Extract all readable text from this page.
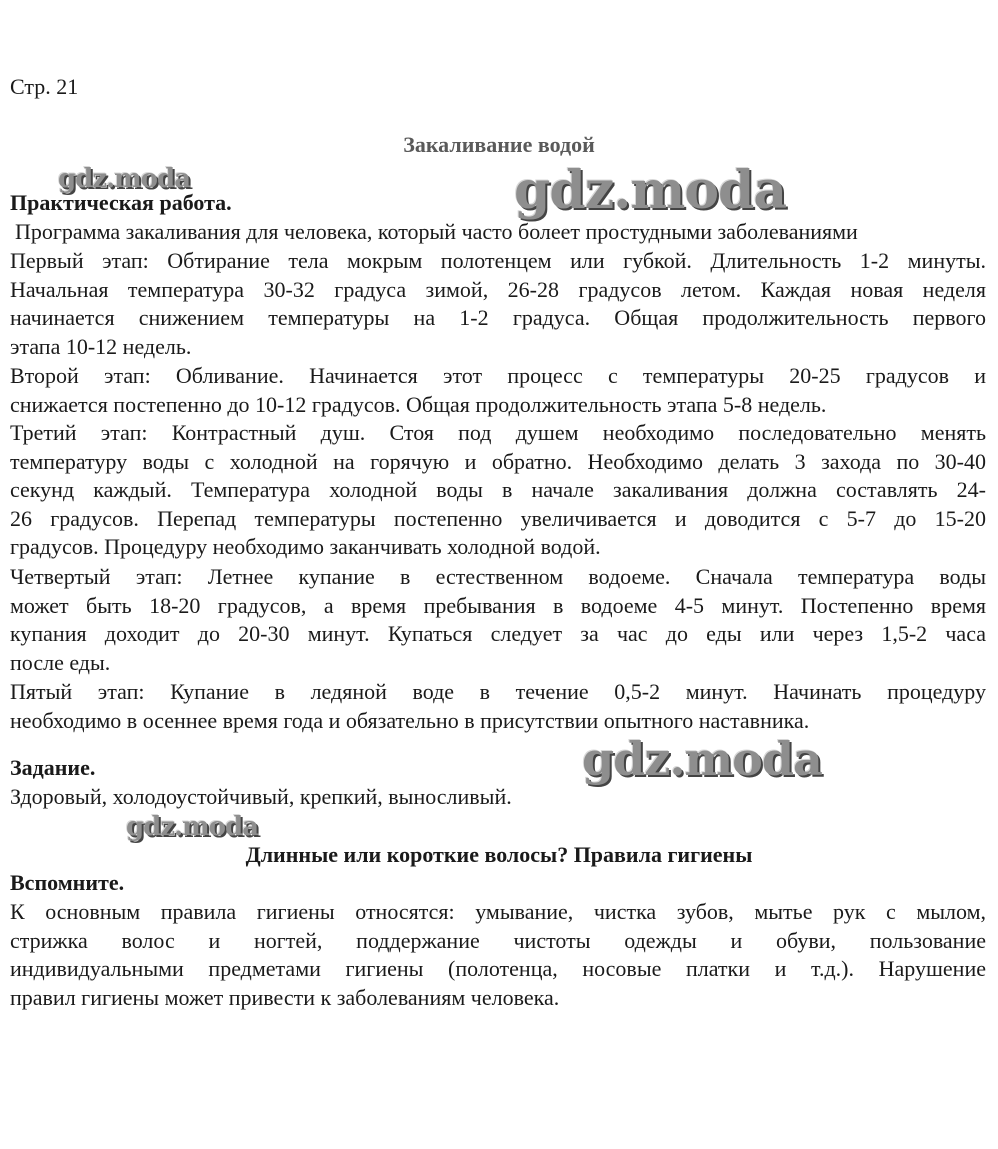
Стр. 21
Закаливание водой
Практическая работа.
Программа закаливания для человека, который часто болеет простудными заболеваниями
Первый этап: Обтирание тела мокрым полотенцем или губкой. Длительность 1-2 минуты.
Начальная температура 30-32 градуса зимой, 26-28 градусов летом. Каждая новая неделя
начинается снижением температуры на 1-2 градуса. Общая продолжительность первого
этапа 10-12 недель.
Второй этап: Обливание. Начинается этот процесс с температуры 20-25 градусов и
снижается постепенно до 10-12 градусов. Общая продолжительность этапа 5-8 недель.
Третий этап: Контрастный душ. Стоя под душем необходимо последовательно менять
температуру воды с холодной на горячую и обратно. Необходимо делать 3 захода по 30-40
секунд каждый. Температура холодной воды в начале закаливания должна составлять 24-
26 градусов. Перепад температуры постепенно увеличивается и доводится с 5-7 до 15-20
градусов. Процедуру необходимо заканчивать холодной водой.
Четвертый этап: Летнее купание в естественном водоеме. Сначала температура воды
может быть 18-20 градусов, а время пребывания в водоеме 4-5 минут. Постепенно время
купания доходит до 20-30 минут. Купаться следует за час до еды или через 1,5-2 часа
после еды.
Пятый этап: Купание в ледяной воде в течение 0,5-2 минут. Начинать процедуру
необходимо в осеннее время года и обязательно в присутствии опытного наставника.
Задание.
Здоровый, холодоустойчивый, крепкий, выносливый.
Длинные или короткие волосы? Правила гигиены
Вспомните.
К основным правила гигиены относятся: умывание, чистка зубов, мытье рук с мылом,
стрижка волос и ногтей, поддержание чистоты одежды и обуви, пользование
индивидуальными предметами гигиены (полотенца, носовые платки и т.д.). Нарушение
правил гигиены может привести к заболеваниям человека.
gdz.moda	gdz.moda
gdz.moda
gdz.moda
